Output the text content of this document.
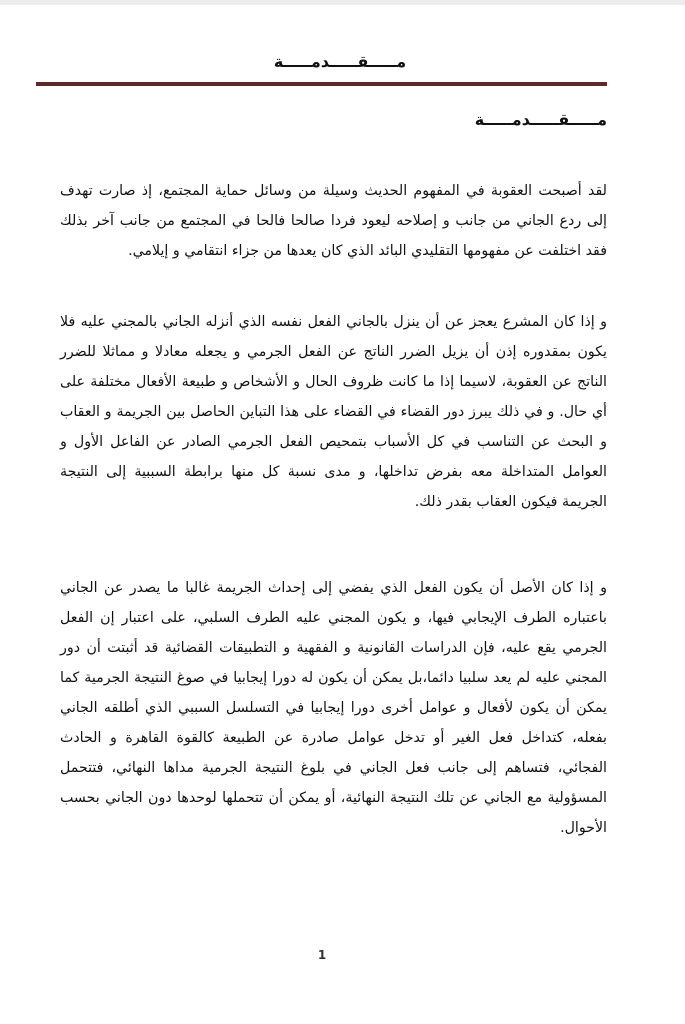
مـــــقـــــدمـــــة
مـــــقـــــدمـــــة

لقد أصبحت العقوبة في المفهوم الحديث وسيلة من وسائل حماية المجتمع، إذ صارت تهدف إلى ردع الجاني من جانب و إصلاحه ليعود فردا صالحا فالحا في المجتمع من جانب آخر بذلك فقد اختلفت عن مفهومها التقليدي البائد الذي كان يعدها من جزاء انتقامي و إيلامي.

و إذا كان المشرع يعجز عن أن ينزل بالجاني الفعل نفسه الذي أنزله الجاني بالمجني عليه فلا يكون بمقدوره إذن أن يزيل الضرر الناتج عن الفعل الجرمي و يجعله معادلا و مماثلا للضرر الناتج عن العقوبة، لاسيما إذا ما كانت ظروف الحال و الأشخاص و طبيعة الأفعال مختلفة على أي حال. و في ذلك يبرز دور القضاء في القضاء على هذا التباين الحاصل بين الجريمة و العقاب و البحث عن التناسب في كل الأسباب بتمحيص الفعل الجرمي الصادر عن الفاعل الأول و العوامل المتداخلة معه بفرض تداخلها، و مدى نسبة كل منها برابطة السببية إلى النتيجة الجريمة فيكون العقاب بقدر ذلك.

و إذا كان الأصل أن يكون الفعل الذي يفضي إلى إحداث الجريمة غالبا ما يصدر عن الجاني باعتباره الطرف الإيجابي فيها، و يكون المجني عليه الطرف السلبي، على اعتبار إن الفعل الجرمي يقع عليه، فإن الدراسات القانونية و الفقهية و التطبيقات القضائية قد أثبتت أن دور المجني عليه لم يعد سلبيا دائما،بل يمكن أن يكون له دورا إيجابيا في صوغ النتيجة الجرمية كما يمكن أن يكون لأفعال و عوامل أخرى دورا إيجابيا في التسلسل السببي الذي أطلقه الجاني بفعله، كتداخل فعل الغير أو تدخل عوامل صادرة عن الطبيعة كالقوة القاهرة و الحادث الفجائي، فتساهم إلى جانب فعل الجاني في بلوغ النتيجة الجرمية مداها النهائي، فتتحمل المسؤولية مع الجاني عن تلك النتيجة النهائية، أو يمكن أن تتحملها لوحدها دون الجاني بحسب الأحوال.

1
